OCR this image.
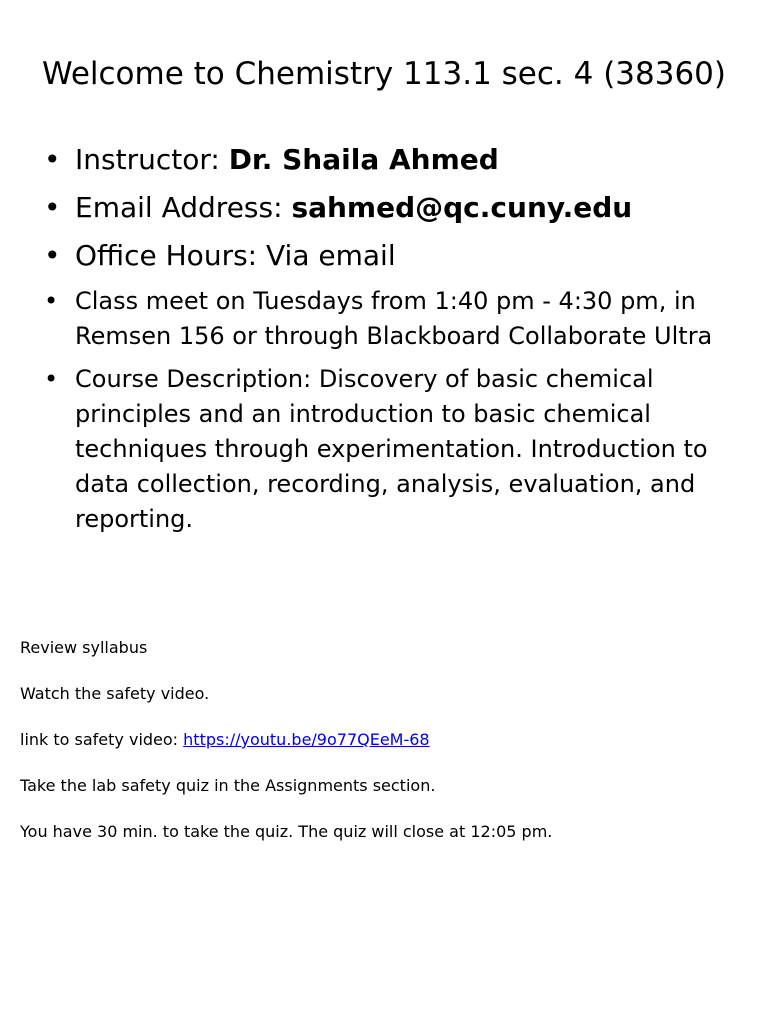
Welcome to Chemistry 113.1 sec. 4 (38360)
• Instructor: Dr. Shaila Ahmed
• Email Address: sahmed@qc.cuny.edu
• Office Hours: Via email
• Class meet on Tuesdays from 1:40 pm - 4:30 pm, in Remsen 156 or through Blackboard Collaborate Ultra
• Course Description: Discovery of basic chemical principles and an introduction to basic chemical techniques through experimentation. Introduction to data collection, recording, analysis, evaluation, and reporting.

Review syllabus

Watch the safety video.

link to safety video: https://youtu.be/9o77QEeM-68

Take the lab safety quiz in the Assignments section.

You have 30 min. to take the quiz. The quiz will close at 12:05 pm.
